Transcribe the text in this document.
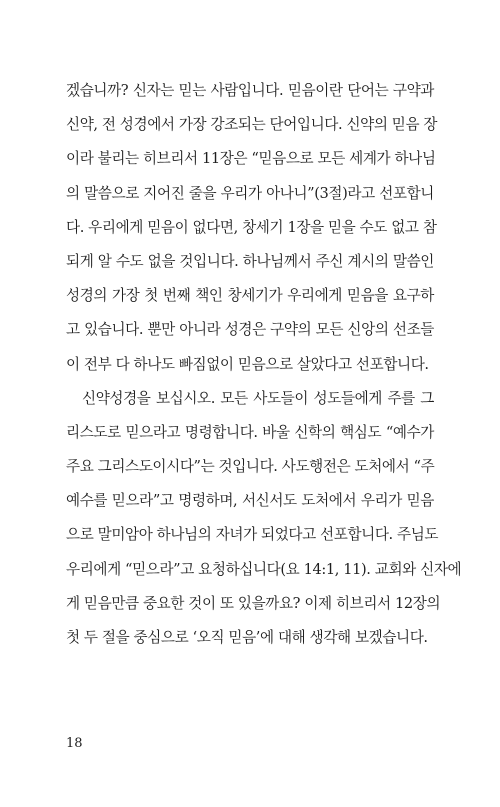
겠습니까? 신자는 믿는 사람입니다. 믿음이란 단어는 구약과
신약, 전 성경에서 가장 강조되는 단어입니다. 신약의 믿음 장
이라 불리는 히브리서 11장은 “믿음으로 모든 세계가 하나님
의 말씀으로 지어진 줄을 우리가 아나니”(3절)라고 선포합니
다. 우리에게 믿음이 없다면, 창세기 1장을 믿을 수도 없고 참
되게 알 수도 없을 것입니다. 하나님께서 주신 계시의 말씀인
성경의 가장 첫 번째 책인 창세기가 우리에게 믿음을 요구하
고 있습니다. 뿐만 아니라 성경은 구약의 모든 신앙의 선조들
이 전부 다 하나도 빠짐없이 믿음으로 살았다고 선포합니다.
신약성경을 보십시오. 모든 사도들이 성도들에게 주를 그
리스도로 믿으라고 명령합니다. 바울 신학의 핵심도 “예수가
주요 그리스도이시다”는 것입니다. 사도행전은 도처에서 “주
예수를 믿으라”고 명령하며, 서신서도 도처에서 우리가 믿음
으로 말미암아 하나님의 자녀가 되었다고 선포합니다. 주님도
우리에게 “믿으라”고 요청하십니다(요 14:1, 11). 교회와 신자에
게 믿음만큼 중요한 것이 또 있을까요? 이제 히브리서 12장의
첫 두 절을 중심으로 ‘오직 믿음’에 대해 생각해 보겠습니다.
18
